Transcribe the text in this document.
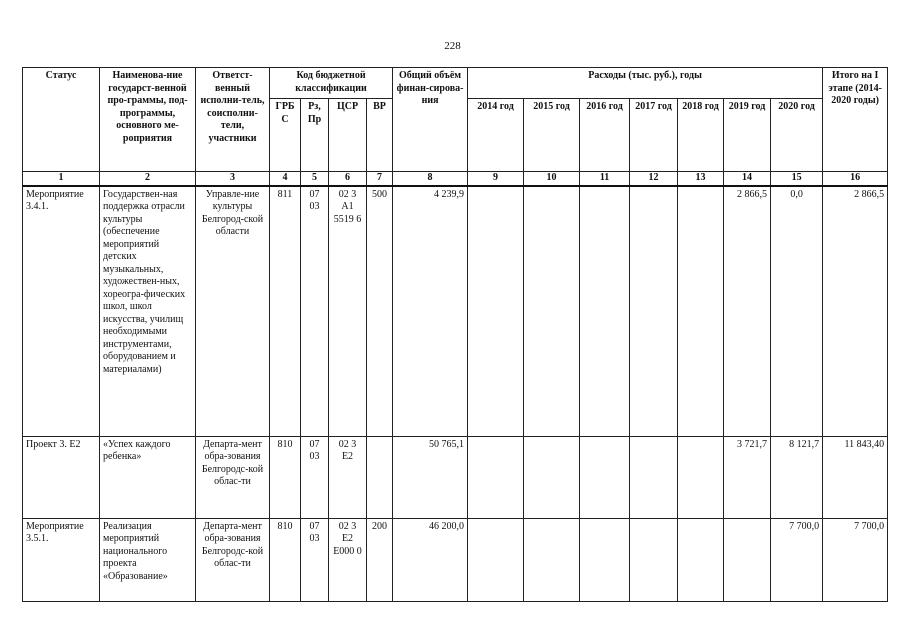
228
Статус	Наименова-ние государст-венной про-граммы, под-программы, основного ме-роприятия	Ответст-венный исполни-тель, соисполни-тели, участники	Код бюджетной классификации				Общий объём финан-сирова-ния	Расходы (тыс. руб.), годы							Итого на I этапе (2014-2020 годы)
			ГРБ С	Рз, Пр	ЦСР	ВР		2014 год	2015 год	2016 год	2017 год	2018 год	2019 год	2020 год	
1	2	3	4	5	6	7	8	9	10	11	12	13	14	15	16
Мероприятие 3.4.1.	Государствен-ная поддержка отрасли культуры (обеспечение мероприятий детских музыкальных, художествен-ных, хореогра-фических школ, школ искусства, училищ необходимыми инструментами, оборудованием и материалами)	Управле-ние культуры Белгород-ской области	811	07 03	02 3 А1 5519 6	500	4 239,9						2 866,5	0,0	2 866,5
Проект 3. Е2	«Успех каждого ребенка»	Департа-мент обра-зования Белгородс-кой облас-ти	810	07 03	02 3 Е2		50 765,1						3 721,7	8 121,7	11 843,40
Мероприятие 3.5.1.	Реализация мероприятий национального проекта «Образование»	Департа-мент обра-зования Белгородс-кой облас-ти	810	07 03	02 3 Е2 Е000 0	200	46 200,0							7 700,0	7 700,0
